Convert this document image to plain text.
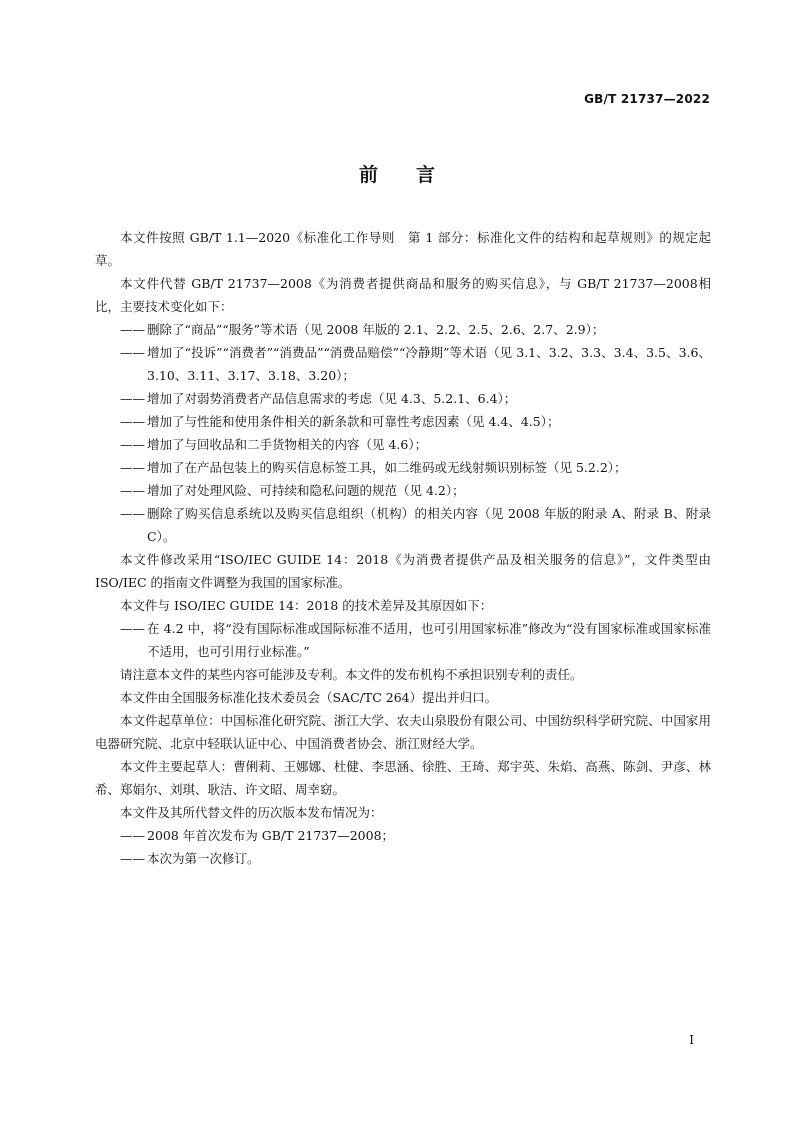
GB/T 21737—2022
前言

本文件按照 GB/T 1.1—2020《标准化工作导则　第 1 部分：标准化文件的结构和起草规则》的规定起草。

本文件代替 GB/T 21737—2008《为消费者提供商品和服务的购买信息》，与 GB/T 21737—2008相比，主要技术变化如下：

—— 删除了“商品”“服务”等术语（见 2008 年版的 2.1、2.2、2.5、2.6、2.7、2.9）；

—— 增加了“投诉”“消费者”“消费品”“消费品赔偿”“冷静期”等术语（见 3.1、3.2、3.3、3.4、3.5、3.6、3.10、3.11、3.17、3.18、3.20）；

—— 增加了对弱势消费者产品信息需求的考虑（见 4.3、5.2.1、6.4）；

—— 增加了与性能和使用条件相关的新条款和可靠性考虑因素（见 4.4、4.5）；

—— 增加了与回收品和二手货物相关的内容（见 4.6）；

—— 增加了在产品包装上的购买信息标签工具，如二维码或无线射频识别标签（见 5.2.2）；

—— 增加了对处理风险、可持续和隐私问题的规范（见 4.2）；

—— 删除了购买信息系统以及购买信息组织（机构）的相关内容（见 2008 年版的附录 A、附录 B、附录 C）。

本文件修改采用“ISO/IEC GUIDE 14：2018《为消费者提供产品及相关服务的信息》”，文件类型由ISO/IEC 的指南文件调整为我国的国家标准。

本文件与 ISO/IEC GUIDE 14：2018 的技术差异及其原因如下：

—— 在 4.2 中，将“没有国际标准或国际标准不适用，也可引用国家标准”修改为“没有国家标准或国家标准不适用，也可引用行业标准。”

请注意本文件的某些内容可能涉及专利。本文件的发布机构不承担识别专利的责任。

本文件由全国服务标准化技术委员会（SAC/TC 264）提出并归口。

本文件起草单位：中国标准化研究院、浙江大学、农夫山泉股份有限公司、中国纺织科学研究院、中国家用电器研究院、北京中轻联认证中心、中国消费者协会、浙江财经大学。

本文件主要起草人：曹俐莉、王娜娜、杜健、李思涵、徐胜、王琦、郑宇英、朱焰、高燕、陈剑、尹彦、林希、郑娟尔、刘琪、耿洁、许文昭、周幸窈。

本文件及其所代替文件的历次版本发布情况为：

—— 2008 年首次发布为 GB/T 21737—2008；

—— 本次为第一次修订。

I
